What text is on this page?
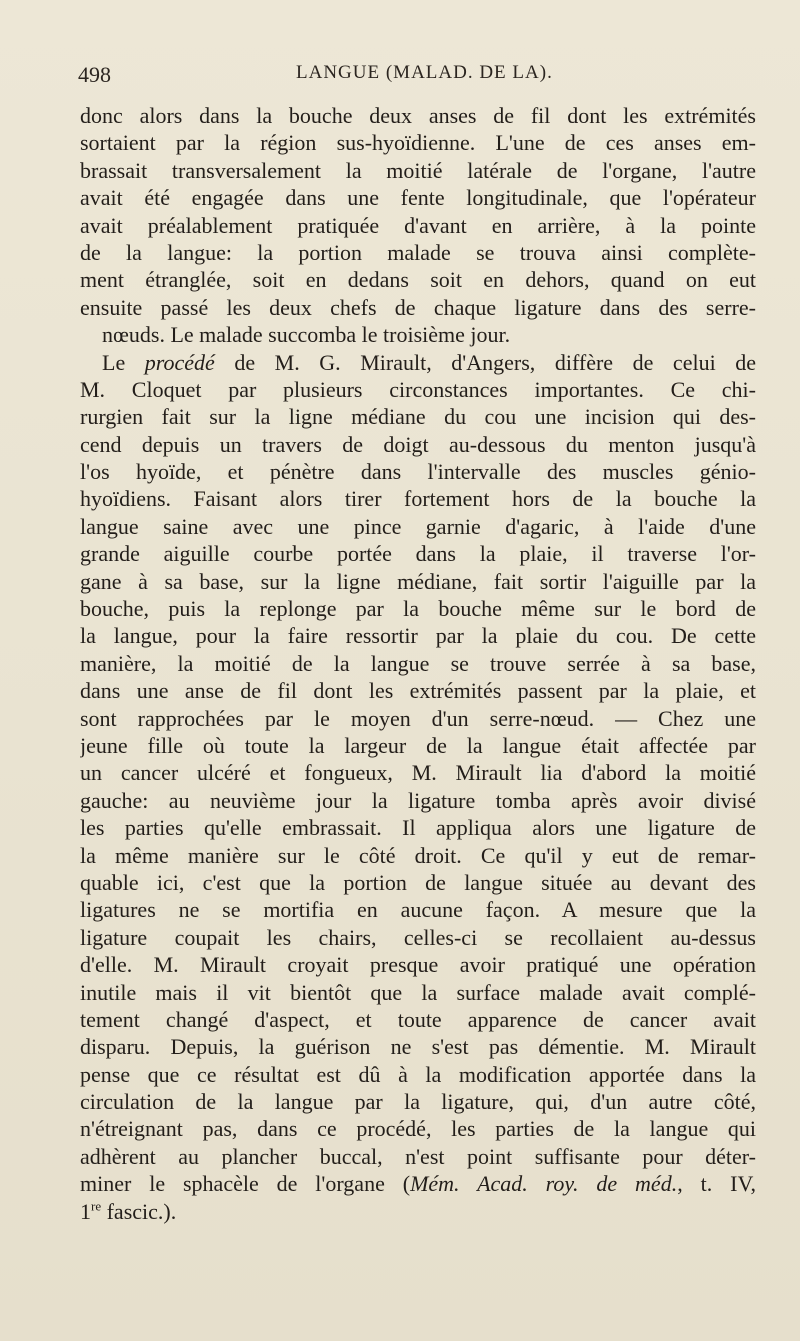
498	LANGUE (MALAD. DE LA).
donc alors dans la bouche deux anses de fil dont les extrémités
sortaient par la région sus-hyoïdienne. L'une de ces anses em-
brassait transversalement la moitié latérale de l'organe, l'autre
avait été engagée dans une fente longitudinale, que l'opérateur
avait préalablement pratiquée d'avant en arrière, à la pointe
de la langue: la portion malade se trouva ainsi complète-
ment étranglée, soit en dedans soit en dehors, quand on eut
ensuite passé les deux chefs de chaque ligature dans des serre-
nœuds. Le malade succomba le troisième jour.
Le procédé de M. G. Mirault, d'Angers, diffère de celui de
M. Cloquet par plusieurs circonstances importantes. Ce chi-
rurgien fait sur la ligne médiane du cou une incision qui des-
cend depuis un travers de doigt au-dessous du menton jusqu'à
l'os hyoïde, et pénètre dans l'intervalle des muscles génio-
hyoïdiens. Faisant alors tirer fortement hors de la bouche la
langue saine avec une pince garnie d'agaric, à l'aide d'une
grande aiguille courbe portée dans la plaie, il traverse l'or-
gane à sa base, sur la ligne médiane, fait sortir l'aiguille par la
bouche, puis la replonge par la bouche même sur le bord de
la langue, pour la faire ressortir par la plaie du cou. De cette
manière, la moitié de la langue se trouve serrée à sa base,
dans une anse de fil dont les extrémités passent par la plaie, et
sont rapprochées par le moyen d'un serre-nœud. — Chez une
jeune fille où toute la largeur de la langue était affectée par
un cancer ulcéré et fongueux, M. Mirault lia d'abord la moitié
gauche: au neuvième jour la ligature tomba après avoir divisé
les parties qu'elle embrassait. Il appliqua alors une ligature de
la même manière sur le côté droit. Ce qu'il y eut de remar-
quable ici, c'est que la portion de langue située au devant des
ligatures ne se mortifia en aucune façon. A mesure que la
ligature coupait les chairs, celles-ci se recollaient au-dessus
d'elle. M. Mirault croyait presque avoir pratiqué une opération
inutile mais il vit bientôt que la surface malade avait complé-
tement changé d'aspect, et toute apparence de cancer avait
disparu. Depuis, la guérison ne s'est pas démentie. M. Mirault
pense que ce résultat est dû à la modification apportée dans la
circulation de la langue par la ligature, qui, d'un autre côté,
n'étreignant pas, dans ce procédé, les parties de la langue qui
adhèrent au plancher buccal, n'est point suffisante pour déter-
miner le sphacèle de l'organe (Mém. Acad. roy. de méd., t. IV,
1re fascic.).
